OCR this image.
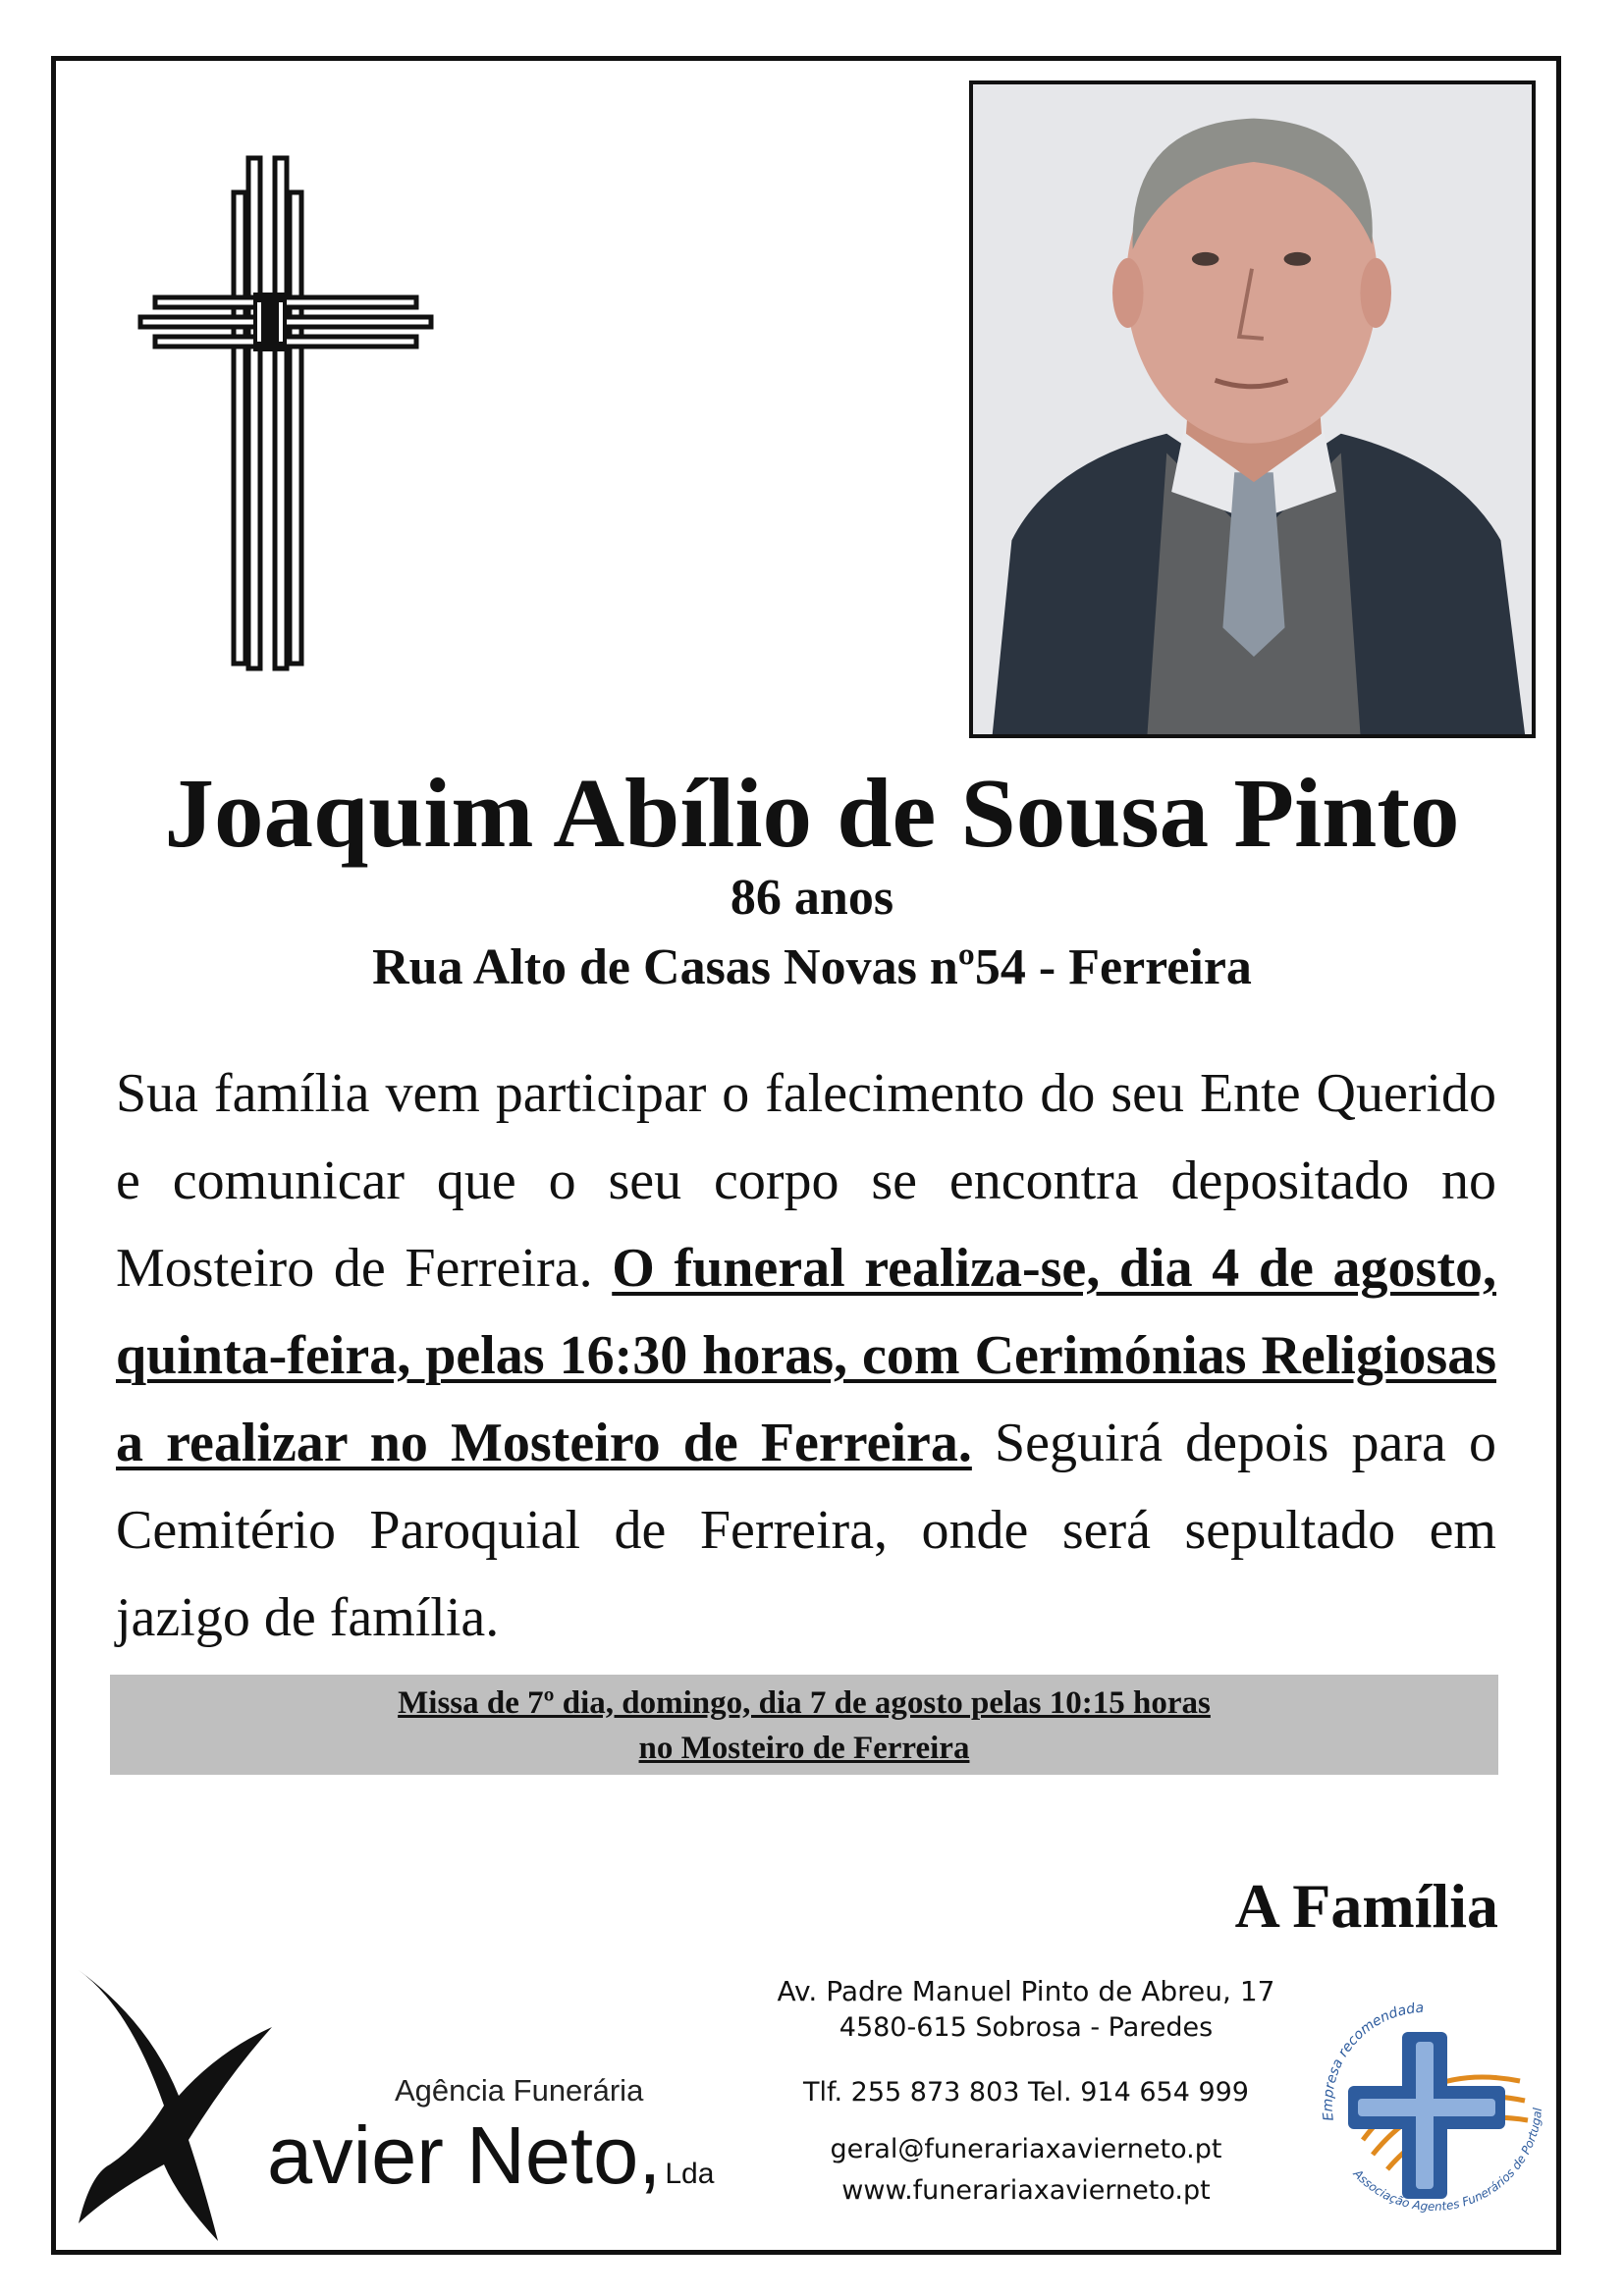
Joaquim Abílio de Sousa Pinto
86 anos
Rua Alto de Casas Novas nº54 - Ferreira

Sua família vem participar o falecimento do seu Ente Querido e comunicar que o seu corpo se encontra depositado no Mosteiro de Ferreira. O funeral realiza-se, dia 4 de agosto, quinta-feira, pelas 16:30 horas, com Cerimónias Religiosas a realizar no Mosteiro de Ferreira. Seguirá depois para o Cemitério Paroquial de Ferreira, onde será sepultado em jazigo de família.

Missa de 7º dia, domingo, dia 7 de agosto pelas 10:15 horas
no Mosteiro de Ferreira
A Família
Agência Funerária
avier Neto, Lda
Av. Padre Manuel Pinto de Abreu, 17
4580-615 Sobrosa - Paredes
Tlf. 255 873 803 Tel. 914 654 999
geral@funerariaxavierneto.pt
www.funerariaxavierneto.pt
Empresa recomendada
Associação Agentes Funerários de Portugal
